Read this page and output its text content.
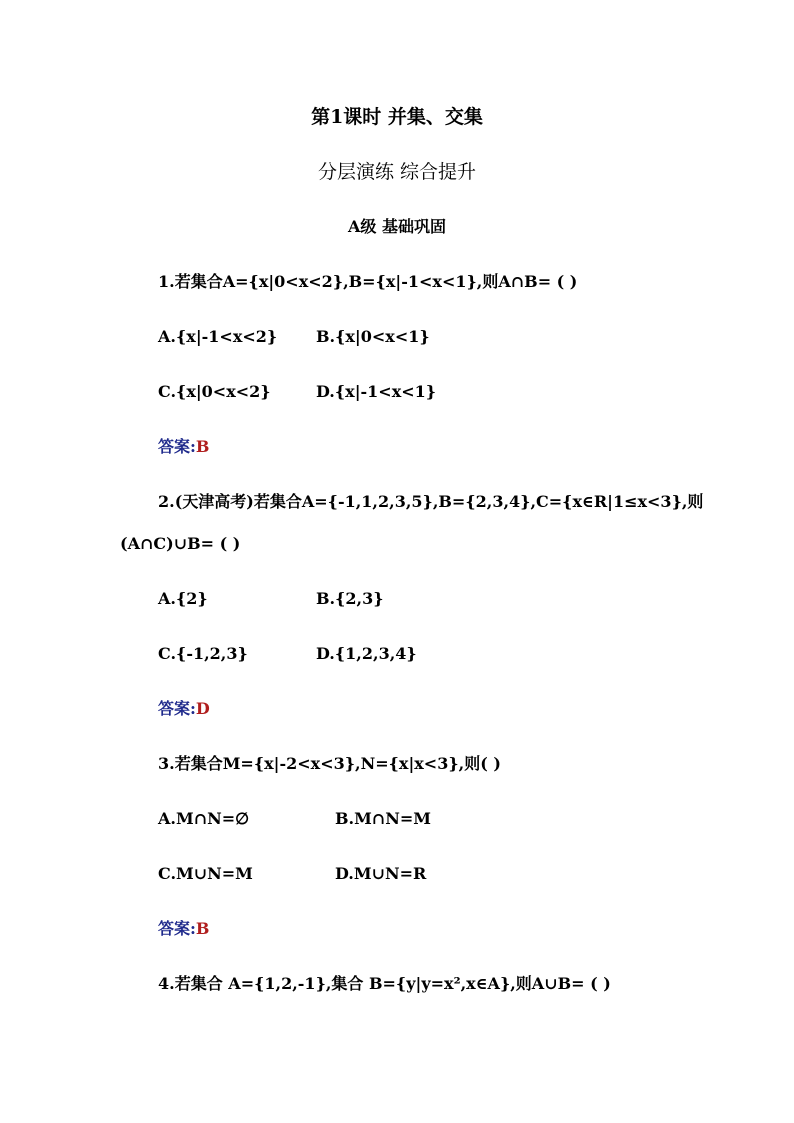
第1课时 并集、交集
分层演练 综合提升
A级 基础巩固
1.若集合A={x|0<x<2},B={x|-1<x<1},则A∩B= ( )
A.{x|-1<x<2} B.{x|0<x<1}
C.{x|0<x<2}	D.{x|-1<x<1}
答案:B
2.(天津高考)若集合A={-1,1,2,3,5},B={2,3,4},C={x∈R|1≤x<3},则
(A∩C)∪B= ( )
A.{2}	B.{2,3}
C.{-1,2,3}	D.{1,2,3,4}
答案:D
3.若集合M={x|-2<x<3},N={x|x<3},则( )
A.M∩N=∅	B.M∩N=M
C.M∪N=M	D.M∪N=R
答案:B
4.若集合 A={1,2,-1},集合 B={y|y=x²,x∈A},则A∪B= ( )
